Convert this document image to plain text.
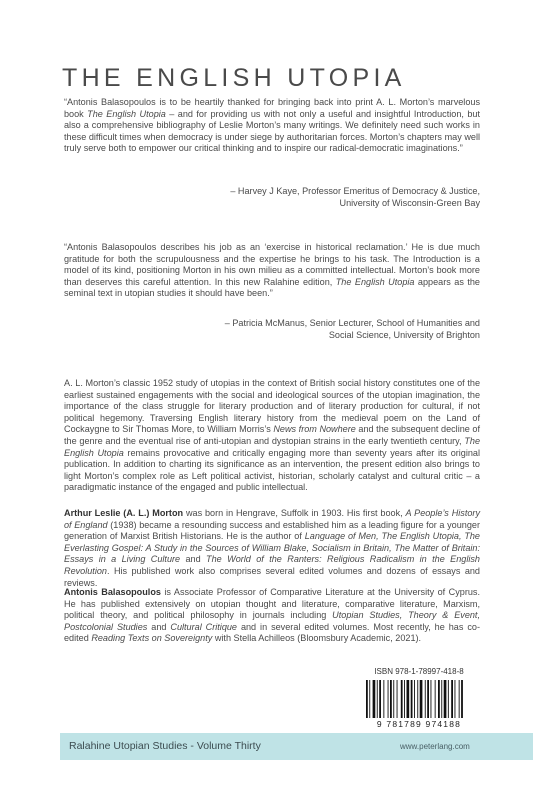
THE ENGLISH UTOPIA

“Antonis Balasopoulos is to be heartily thanked for bringing back into print A. L. Morton’s marvelous book The English Utopia – and for providing us with not only a useful and insightful Introduction, but also a comprehensive bibliography of Leslie Morton’s many writings. We definitely need such works in these difficult times when democracy is under siege by authoritarian forces. Morton’s chapters may well truly serve both to empower our critical thinking and to inspire our radical-democratic imaginations.”

– Harvey J Kaye, Professor Emeritus of Democracy & Justice,

University of Wisconsin-Green Bay

“Antonis Balasopoulos describes his job as an ‘exercise in historical reclamation.’ He is due much gratitude for both the scrupulousness and the expertise he brings to his task. The Introduction is a model of its kind, positioning Morton in his own milieu as a committed intellectual. Morton’s book more than deserves this careful attention. In this new Ralahine edition, The English Utopia appears as the seminal text in utopian studies it should have been.”

– Patricia McManus, Senior Lecturer, School of Humanities and

Social Science, University of Brighton

A. L. Morton’s classic 1952 study of utopias in the context of British social history constitutes one of the earliest sustained engagements with the social and ideological sources of the utopian imagination, the importance of the class struggle for literary production and of literary production for cultural, if not political hegemony. Traversing English literary history from the medieval poem on the Land of Cockaygne to Sir Thomas More, to William Morris’s News from Nowhere and the subsequent decline of the genre and the eventual rise of anti-utopian and dystopian strains in the early twentieth century, The English Utopia remains provocative and critically engaging more than seventy years after its original publication. In addition to charting its significance as an intervention, the present edition also brings to light Morton’s complex role as Left political activist, historian, scholarly catalyst and cultural critic – a paradigmatic instance of the engaged and public intellectual.

Arthur Leslie (A. L.) Morton was born in Hengrave, Suffolk in 1903. His first book, A People’s History of England (1938) became a resounding success and established him as a leading figure for a younger generation of Marxist British Historians. He is the author of Language of Men, The English Utopia, The Everlasting Gospel: A Study in the Sources of William Blake, Socialism in Britain, The Matter of Britain: Essays in a Living Culture and The World of the Ranters: Religious Radicalism in the English Revolution. His published work also comprises several edited volumes and dozens of essays and reviews.

Antonis Balasopoulos is Associate Professor of Comparative Literature at the University of Cyprus. He has published extensively on utopian thought and literature, comparative literature, Marxism, political theory, and political philosophy in journals including Utopian Studies, Theory & Event, Postcolonial Studies and Cultural Critique and in several edited volumes. Most recently, he has co-edited Reading Texts on Sovereignty with Stella Achilleos (Bloomsbury Academic, 2021).

ISBN 978-1-78997-418-8
9 781789 974188
Ralahine Utopian Studies - Volume Thirty	www.peterlang.com
